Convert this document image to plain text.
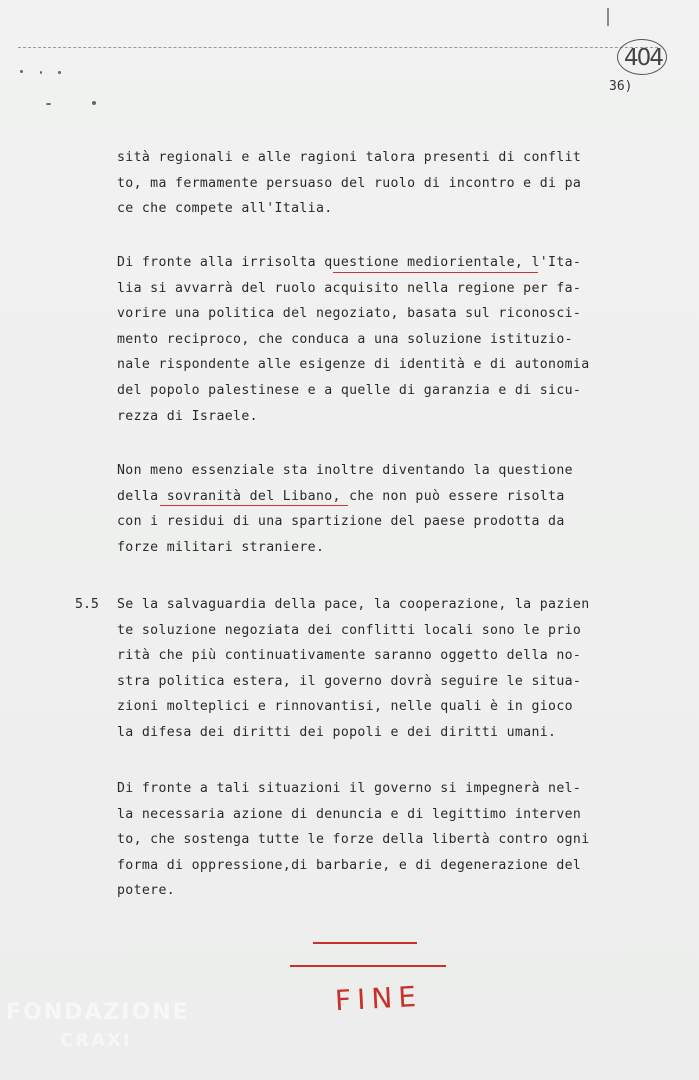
404
36)
sità regionali e alle ragioni talora presenti di conflit
to, ma fermamente persuaso del ruolo di incontro e di pa
ce che compete all'Italia.
Di fronte alla irrisolta questione mediorientale, l'Ita-
lia si avvarrà del ruolo acquisito nella regione per fa-
vorire una politica del negoziato, basata sul riconosci-
mento reciproco, che conduca a una soluzione istituzio-
nale rispondente alle esigenze di identità e di autonomia
del popolo palestinese e a quelle di garanzia e di sicu-
rezza di Israele.
Non meno essenziale sta inoltre diventando la questione
della sovranità del Libano, che non può essere risolta
con i residui di una spartizione del paese prodotta da
forze militari straniere.
5.5 Se la salvaguardia della pace, la cooperazione, la pazien
te soluzione negoziata dei conflitti locali sono le prio
rità che più continuativamente saranno oggetto della no-
stra politica estera, il governo dovrà seguire le situa-
zioni molteplici e rinnovantisi, nelle quali è in gioco
la difesa dei diritti dei popoli e dei diritti umani.
Di fronte a tali situazioni il governo si impegnerà nel-
la necessaria azione di denuncia e di legittimo interven
to, che sostenga tutte le forze della libertà contro ogni
forma di oppressione,di barbarie, e di degenerazione del
potere.
FINE
FONDAZIONE
CRAXI
